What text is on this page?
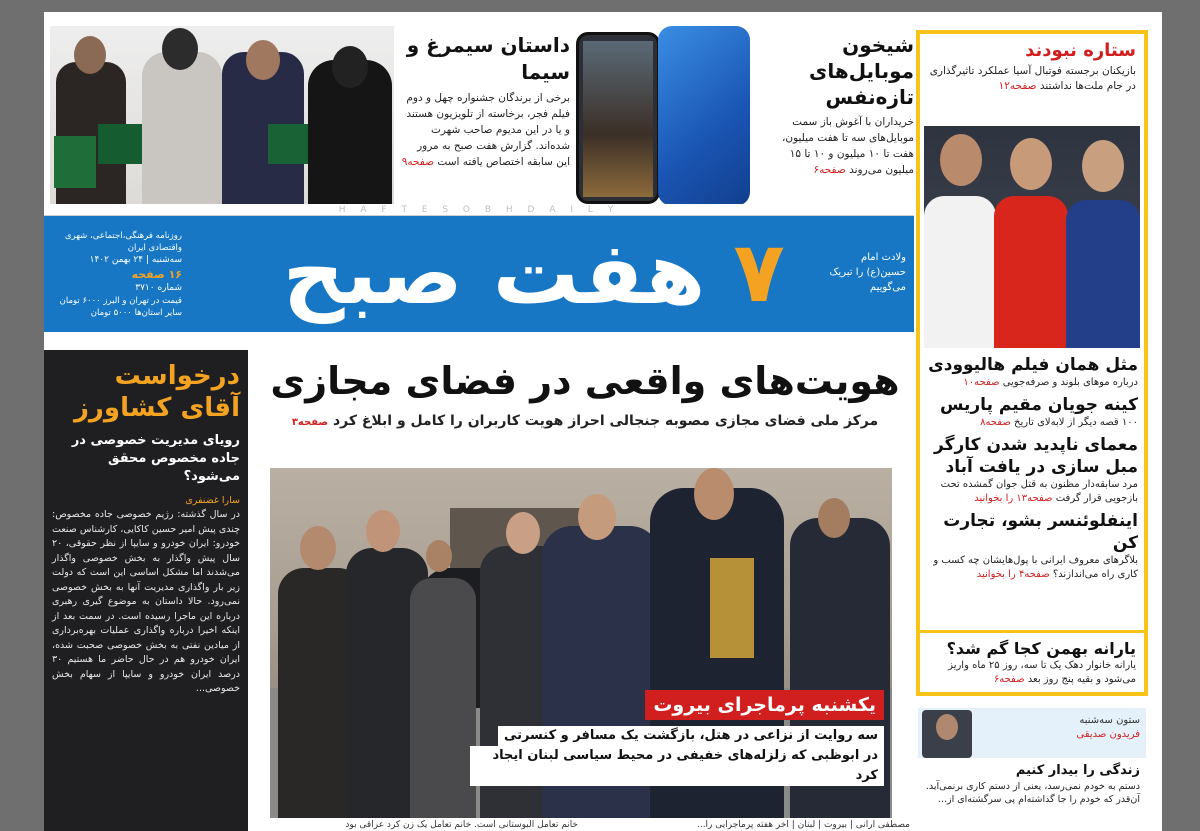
داستان سیمرغ و سیما
برخی از برندگان جشنواره چهل و دوم فیلم فجر، برخاسته از تلویزیون هستند و یا در این مدیوم صاحب شهرت شده‌اند. گزارش هفت صبح به مرور این سابقه اختصاص یافته است صفحه۹
شیخون موبایل‌های تازه‌نفس
خریداران با آغوش باز سمت موبایل‌های سه تا هفت میلیون، هفت تا ۱۰ میلیون و ۱۰ تا ۱۵ میلیون می‌روند صفحه۶
ستاره نبودند
بازیکنان برجسته فوتبال آسیا عملکرد تاثیرگذاری در جام ملت‌ها نداشتند صفحه۱۲
مثل همان فیلم هالیوودی
درباره موهای بلوند و صرفه‌جویی صفحه۱۰
کینه جویان مقیم پاریس
۱۰۰ قصه دیگر از لابه‌لای تاریخ صفحه۸
معمای ناپدید شدن کارگر مبل سازی در یافت آباد
مرد سابقه‌دار مظنون به قتل جوان گمشده تحت بازجویی قرار گرفت صفحه۱۳ را بخوانید
اینفلوئنسر بشو، تجارت کن
بلاگرهای معروف ایرانی با پول‌هایشان چه کسب و کاری راه می‌اندازند؟ صفحه۴ را بخوانید
یارانه بهمن کجا گم شد؟
یارانه خانوار دهک یک تا سه، روز ۲۵ ماه واریز می‌شود و بقیه پنج روز بعد صفحه۶
ستون سه‌شنبه
فریدون صدیقی
زندگی را بیدار کنیم
دستم به خودم نمی‌رسد، یعنی از دستم کاری برنمی‌آید. آن‌قدر که خودم را جا گذاشته‌ام پی سرگشته‌ای از...
H A F T E S O B H D A I L Y
روزنامه فرهنگی،اجتماعی، شهری واقتصادی ایران
سه‌شنبه | ۲۴ بهمن ۱۴۰۲
۱۶ صفحه
شماره ۳۷۱۰
قیمت در تهران و البرز ۶۰۰۰ تومان
سایر استان‌ها ۵۰۰۰ تومان هفت صبح ۷	ولادت امام حسین(ع) را تبریک می‌گوییم
درخواست آقای کشاورز
رویای مدیریت خصوصی در جاده مخصوص محقق می‌شود؟
سارا غضنفری
در سال گذشته: رژیم خصوصی جاده مخصوص: چندی پیش امیر حسین کاکایی، کارشناس صنعت خودرو: ایران خودرو و سایپا از نظر حقوقی، ۲۰ سال پیش واگذار به بخش خصوصی واگذار می‌شدند اما مشکل اساسی این است که دولت زیر بار واگذاری مدیریت آنها به بخش خصوصی نمی‌رود. حالا داستان به موضوع گیری رهبری درباره این ماجرا رسیده است. در سمت بعد از اینکه اخیرا درباره واگذاری عملیات بهره‌برداری از میادین نفتی به بخش خصوصی صحبت شده، ایران خودرو هم در حال حاضر ما هستیم ۳۰ درصد ایران خودرو و سایپا از سهام بخش خصوصی...
هویت‌های واقعی در فضای مجازی
مرکز ملی فضای مجازی مصوبه جنجالی احراز هویت کاربران را کامل و ابلاغ کرد صفحه۳
یکشنبه پرماجرای بیروت
سه روایت از نزاعی در هتل، بازگشت یک مسافر و کنسرتی
در ابوظبی که زلزله‌های خفیفی در محیط سیاسی لبنان ایجاد کرد
مصطفی آرانی | بیروت | لبنان | آخر هفته پرماجرایی را...
خانم تعامل البوستانی است. خانم تعامل یک زن کرد عراقی بود
